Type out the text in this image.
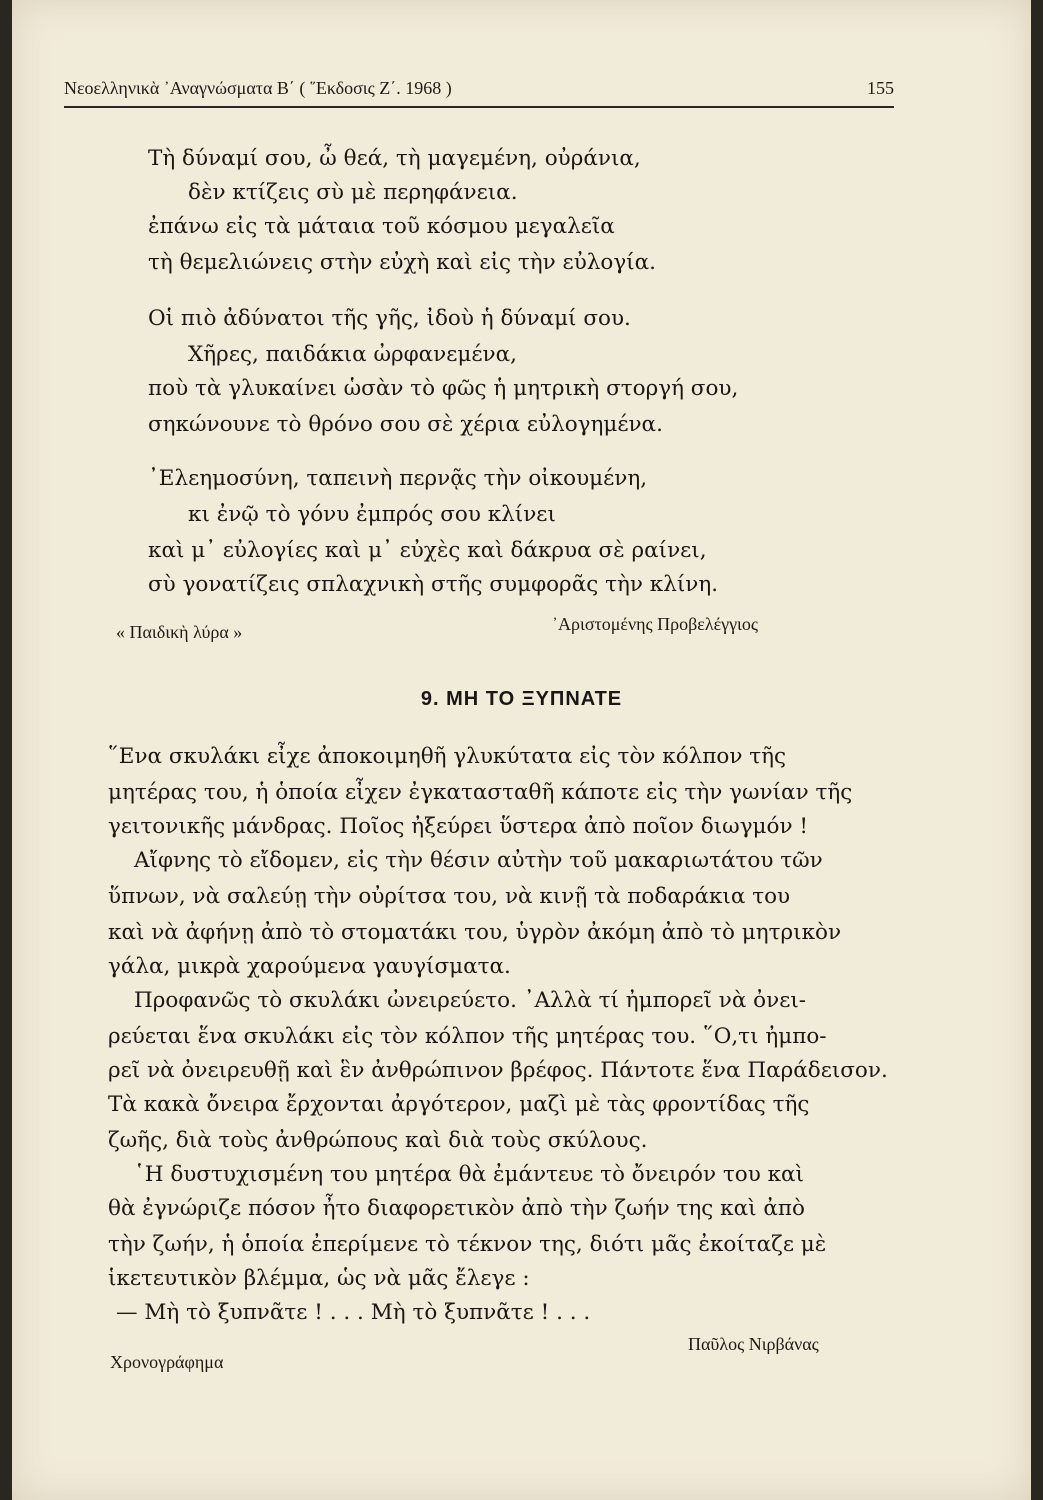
Νεοελληνικὰ ᾿Αναγνώσματα Β΄ ( ῞Εκδοσις Ζ΄. 1968 )	155
Τὴ δύναμί σου, ὦ θεά, τὴ μαγεμένη, οὐράνια,
δὲν κτίζεις σὺ μὲ περηφάνεια.
ἐπάνω εἰς τὰ μάταια τοῦ κόσμου μεγαλεῖα
τὴ θεμελιώνεις στὴν εὐχὴ καὶ εἰς τὴν εὐλογία.
Οἱ πιὸ ἀδύνατοι τῆς γῆς, ἰδοὺ ἡ δύναμί σου.
Χῆρες, παιδάκια ὠρφανεμένα,
ποὺ τὰ γλυκαίνει ὡσὰν τὸ φῶς ἡ μητρικὴ στοργή σου,
σηκώνουνε τὸ θρόνο σου σὲ χέρια εὐλογημένα.
᾿Ελεημοσύνη, ταπεινὴ περνᾷς τὴν οἰκουμένη,
κι ἐνῷ τὸ γόνυ ἐμπρός σου κλίνει
καὶ μ᾿ εὐλογίες καὶ μ᾿ εὐχὲς καὶ δάκρυα σὲ ραίνει,
σὺ γονατίζεις σπλαχνικὴ στῆς συμφορᾶς τὴν κλίνη.
« Παιδικὴ λύρα »	᾿Αριστομένης Προβελέγγιος
9. ΜΗ ΤΟ ΞΥΠΝΑΤΕ
῞Ενα σκυλάκι εἶχε ἀποκοιμηθῆ γλυκύτατα εἰς τὸν κόλπον τῆς
μητέρας του, ἡ ὁποία εἶχεν ἐγκατασταθῆ κάποτε εἰς τὴν γωνίαν τῆς
γειτονικῆς μάνδρας. Ποῖος ἠξεύρει ὕστερα ἀπὸ ποῖον διωγμόν !
Αἴφνης τὸ εἴδομεν, εἰς τὴν θέσιν αὐτὴν τοῦ μακαριωτάτου τῶν
ὕπνων, νὰ σαλεύῃ τὴν οὐρίτσα του, νὰ κινῇ τὰ ποδαράκια του
καὶ νὰ ἀφήνῃ ἀπὸ τὸ στοματάκι του, ὑγρὸν ἀκόμη ἀπὸ τὸ μητρικὸν
γάλα, μικρὰ χαρούμενα γαυγίσματα.
Προφανῶς τὸ σκυλάκι ὠνειρεύετο. ᾿Αλλὰ τί ἠμπορεῖ νὰ ὀνει-
ρεύεται ἕνα σκυλάκι εἰς τὸν κόλπον τῆς μητέρας του. ῞Ο,τι ἠμπο-
ρεῖ νὰ ὀνειρευθῇ καὶ ἓν ἀνθρώπινον βρέφος. Πάντοτε ἕνα Παράδεισον.
Τὰ κακὰ ὄνειρα ἔρχονται ἀργότερον, μαζὶ μὲ τὰς φροντίδας τῆς
ζωῆς, διὰ τοὺς ἀνθρώπους καὶ διὰ τοὺς σκύλους.
῾Η δυστυχισμένη του μητέρα θὰ ἐμάντευε τὸ ὄνειρόν του καὶ
θὰ ἐγνώριζε πόσον ἦτο διαφορετικὸν ἀπὸ τὴν ζωήν της καὶ ἀπὸ
τὴν ζωήν, ἡ ὁποία ἐπερίμενε τὸ τέκνον της, διότι μᾶς ἐκοίταζε μὲ
ἱκετευτικὸν βλέμμα, ὡς νὰ μᾶς ἔλεγε :
— Μὴ τὸ ξυπνᾶτε ! . . . Μὴ τὸ ξυπνᾶτε ! . . .
Παῦλος Νιρβάνας
Χρονογράφημα
